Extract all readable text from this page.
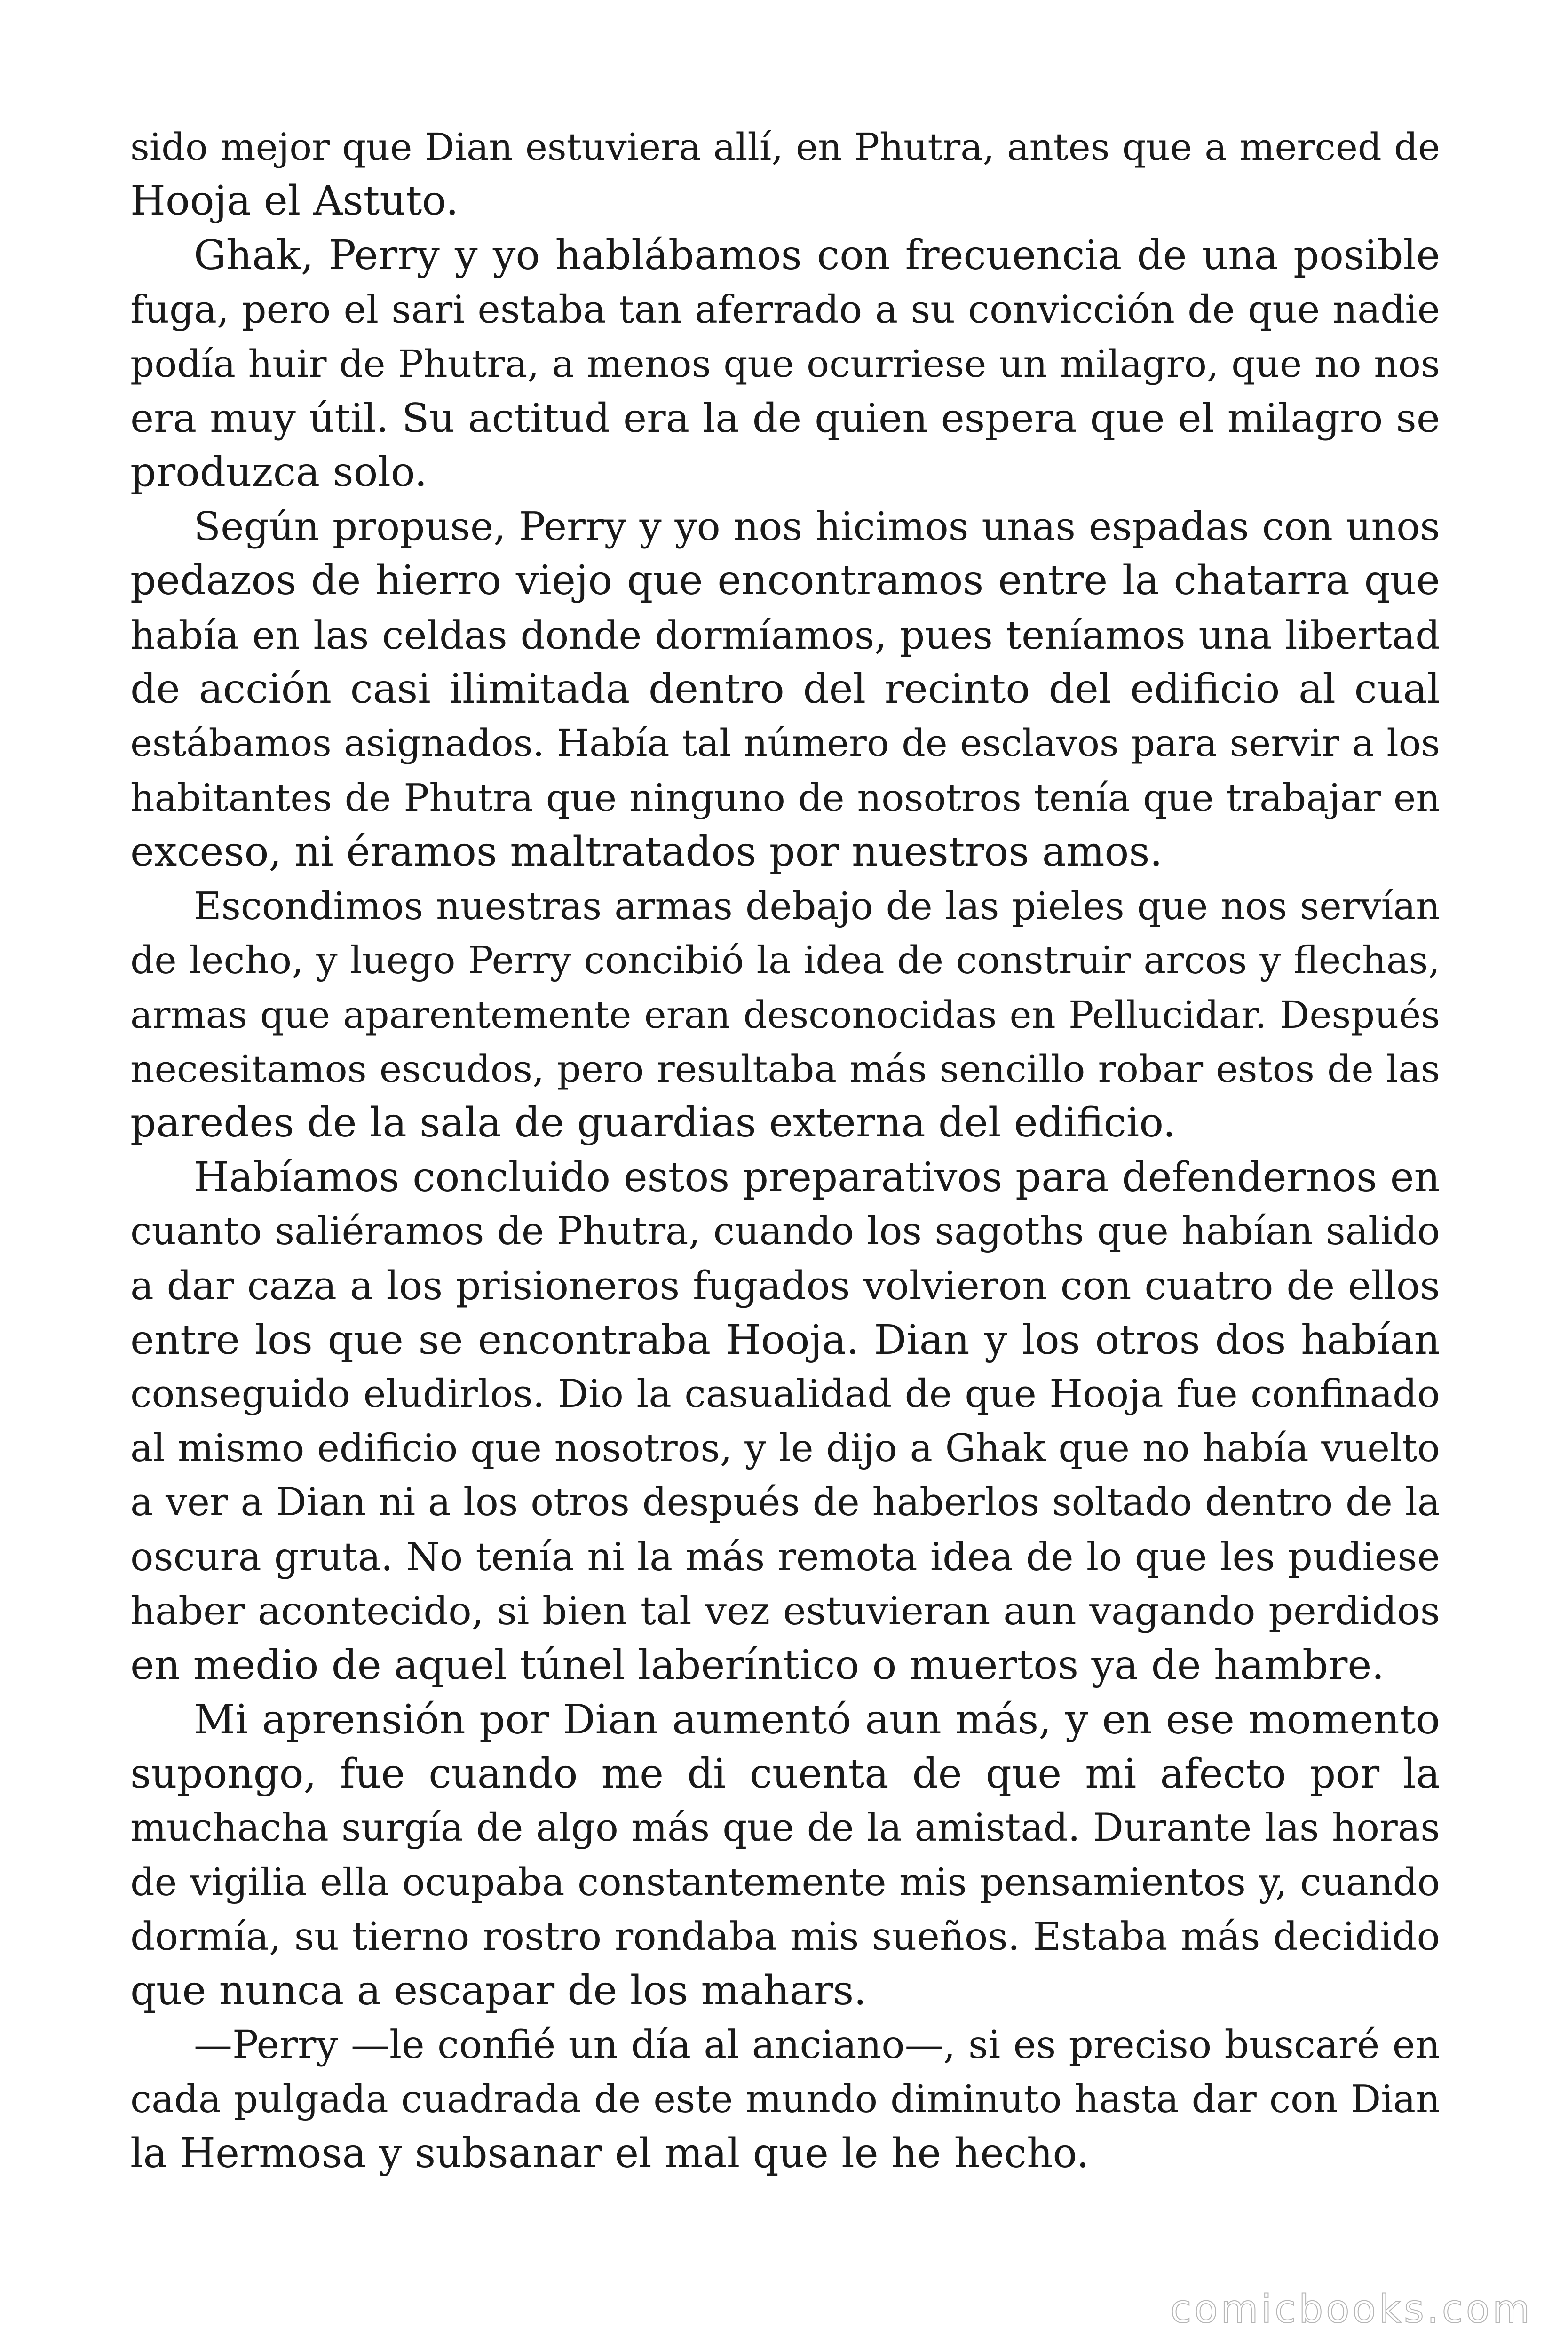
sido mejor que Dian estuviera allí, en Phutra, antes que a merced de
Hooja el Astuto.
Ghak, Perry y yo hablábamos con frecuencia de una posible
fuga, pero el sari estaba tan aferrado a su convicción de que nadie
podía huir de Phutra, a menos que ocurriese un milagro, que no nos
era muy útil. Su actitud era la de quien espera que el milagro se
produzca solo.
Según propuse, Perry y yo nos hicimos unas espadas con unos
pedazos de hierro viejo que encontramos entre la chatarra que
había en las celdas donde dormíamos, pues teníamos una libertad
de acción casi ilimitada dentro del recinto del edificio al cual
estábamos asignados. Había tal número de esclavos para servir a los
habitantes de Phutra que ninguno de nosotros tenía que trabajar en
exceso, ni éramos maltratados por nuestros amos.
Escondimos nuestras armas debajo de las pieles que nos servían
de lecho, y luego Perry concibió la idea de construir arcos y flechas,
armas que aparentemente eran desconocidas en Pellucidar. Después
necesitamos escudos, pero resultaba más sencillo robar estos de las
paredes de la sala de guardias externa del edificio.
Habíamos concluido estos preparativos para defendernos en
cuanto saliéramos de Phutra, cuando los sagoths que habían salido
a dar caza a los prisioneros fugados volvieron con cuatro de ellos
entre los que se encontraba Hooja. Dian y los otros dos habían
conseguido eludirlos. Dio la casualidad de que Hooja fue confinado
al mismo edificio que nosotros, y le dijo a Ghak que no había vuelto
a ver a Dian ni a los otros después de haberlos soltado dentro de la
oscura gruta. No tenía ni la más remota idea de lo que les pudiese
haber acontecido, si bien tal vez estuvieran aun vagando perdidos
en medio de aquel túnel laberíntico o muertos ya de hambre.
Mi aprensión por Dian aumentó aun más, y en ese momento
supongo, fue cuando me di cuenta de que mi afecto por la
muchacha surgía de algo más que de la amistad. Durante las horas
de vigilia ella ocupaba constantemente mis pensamientos y, cuando
dormía, su tierno rostro rondaba mis sueños. Estaba más decidido
que nunca a escapar de los mahars.
—Perry —le confié un día al anciano—, si es preciso buscaré en
cada pulgada cuadrada de este mundo diminuto hasta dar con Dian
la Hermosa y subsanar el mal que le he hecho.
comicbooks.com
